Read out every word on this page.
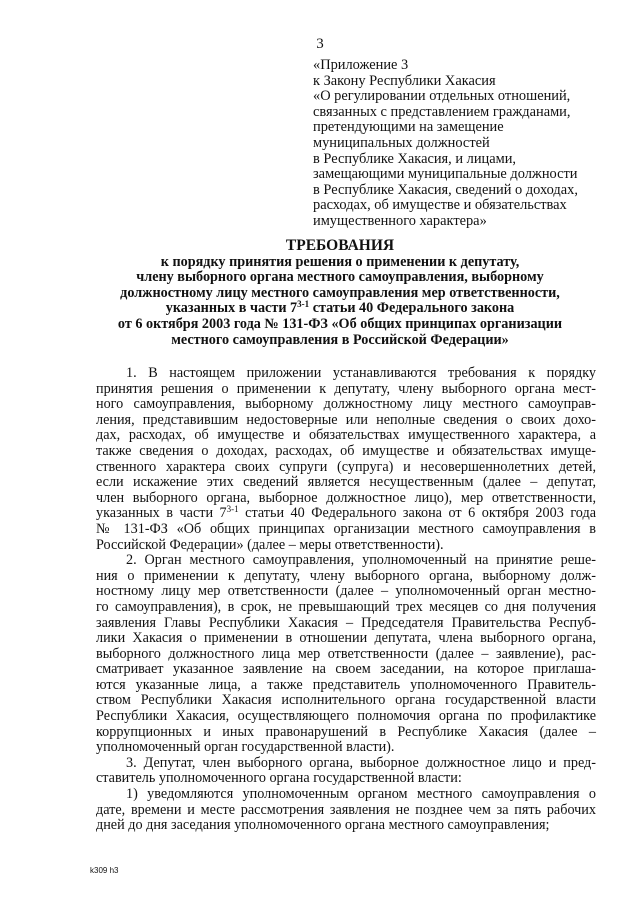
3
«Приложение 3
к Закону Республики Хакасия
«О регулировании отдельных отношений,
связанных с представлением гражданами,
претендующими на замещение
муниципальных должностей
в Республике Хакасия, и лицами,
замещающими муниципальные должности
в Республике Хакасия, сведений о доходах,
расходах, об имуществе и обязательствах
имущественного характера»
ТРЕБОВАНИЯ
к порядку принятия решения о применении к депутату,
члену выборного органа местного самоуправления, выборному
должностному лицу местного самоуправления мер ответственности,
указанных в части 7$^{3-1}$ статьи 40 Федерального закона
от 6 октября 2003 года № 131-ФЗ «Об общих принципах организации
местного самоуправления в Российской Федерации»
1. В настоящем приложении устанавливаются требования к порядку
принятия решения о применении к депутату, члену выборного органа мест-
ного самоуправления, выборному должностному лицу местного самоуправ-
ления, представившим недостоверные или неполные сведения о своих дохо-
дах, расходах, об имуществе и обязательствах имущественного характера, а
также сведения о доходах, расходах, об имуществе и обязательствах имуще-
ственного характера своих супруги (супруга) и несовершеннолетних детей,
если искажение этих сведений является несущественным (далее – депутат,
член выборного органа, выборное должностное лицо), мер ответственности,
указанных в части 7$^{3-1}$ статьи 40 Федерального закона от 6 октября 2003 года
№ 131-ФЗ «Об общих принципах организации местного самоуправления в
Российской Федерации» (далее – меры ответственности).
2. Орган местного самоуправления, уполномоченный на принятие реше-
ния о применении к депутату, члену выборного органа, выборному долж-
ностному лицу мер ответственности (далее – уполномоченный орган местно-
го самоуправления), в срок, не превышающий трех месяцев со дня получения
заявления Главы Республики Хакасия – Председателя Правительства Респуб-
лики Хакасия о применении в отношении депутата, члена выборного органа,
выборного должностного лица мер ответственности (далее – заявление), рас-
сматривает указанное заявление на своем заседании, на которое приглаша-
ются указанные лица, а также представитель уполномоченного Правитель-
ством Республики Хакасия исполнительного органа государственной власти
Республики Хакасия, осуществляющего полномочия органа по профилактике
коррупционных и иных правонарушений в Республике Хакасия (далее –
уполномоченный орган государственной власти).
3. Депутат, член выборного органа, выборное должностное лицо и пред-
ставитель уполномоченного органа государственной власти:
1) уведомляются уполномоченным органом местного самоуправления о
дате, времени и месте рассмотрения заявления не позднее чем за пять рабочих
дней до дня заседания уполномоченного органа местного самоуправления;
k309 h3
